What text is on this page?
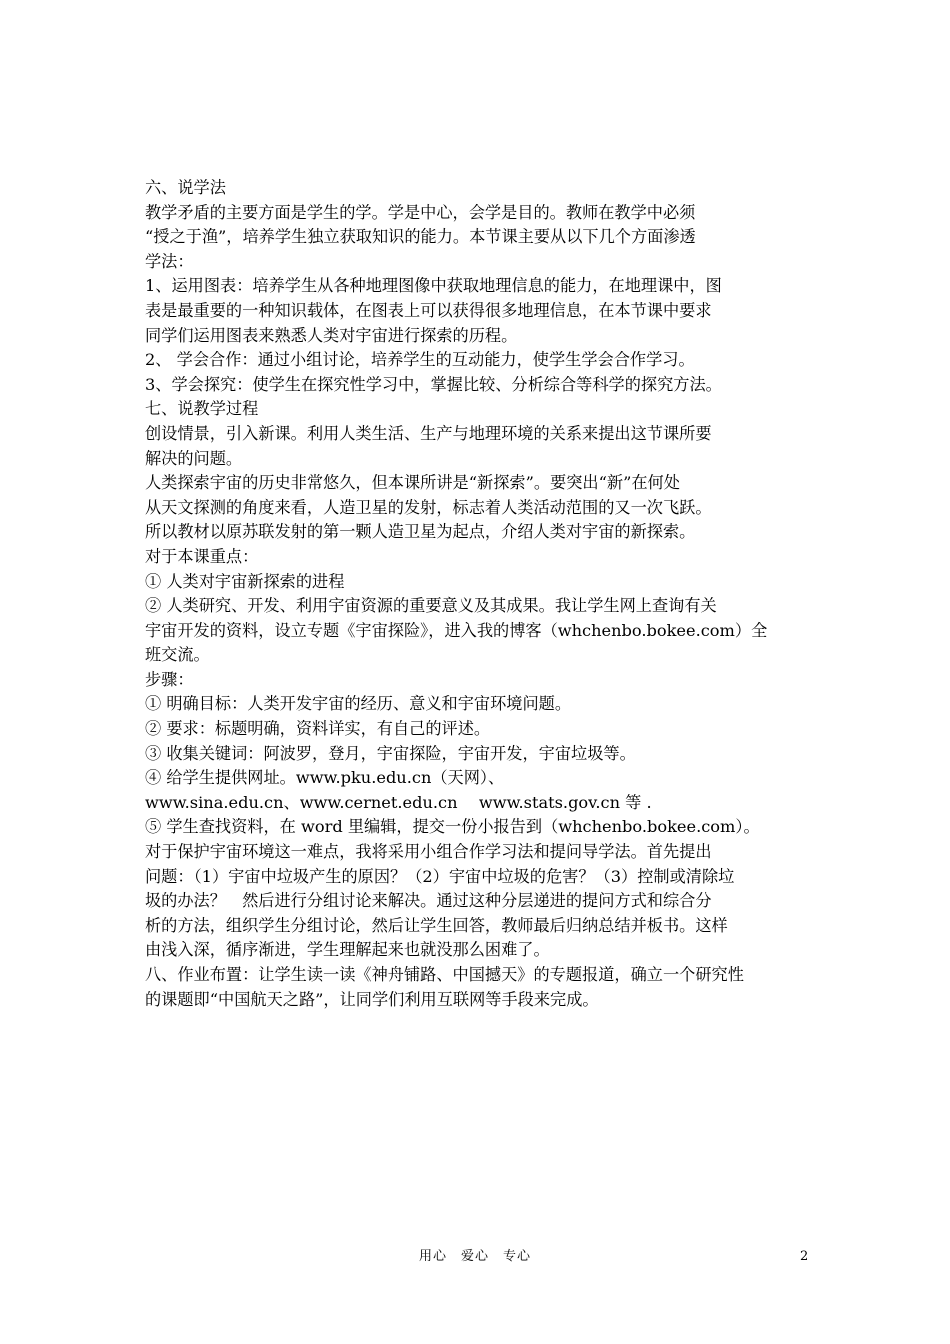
六、说学法
教学矛盾的主要方面是学生的学。学是中心，会学是目的。教师在教学中必须
“授之于渔”，培养学生独立获取知识的能力。本节课主要从以下几个方面渗透
学法：
1、运用图表：培养学生从各种地理图像中获取地理信息的能力，在地理课中，图
表是最重要的一种知识载体，在图表上可以获得很多地理信息，在本节课中要求
同学们运用图表来熟悉人类对宇宙进行探索的历程。
2、 学会合作：通过小组讨论，培养学生的互动能力，使学生学会合作学习。
3、学会探究：使学生在探究性学习中，掌握比较、分析综合等科学的探究方法。
七、说教学过程
创设情景，引入新课。利用人类生活、生产与地理环境的关系来提出这节课所要
解决的问题。
人类探索宇宙的历史非常悠久，但本课所讲是“新探索”。要突出“新”在何处
从天文探测的角度来看，人造卫星的发射，标志着人类活动范围的又一次飞跃。
所以教材以原苏联发射的第一颗人造卫星为起点，介绍人类对宇宙的新探索。
对于本课重点：
① 人类对宇宙新探索的进程
② 人类研究、开发、利用宇宙资源的重要意义及其成果。我让学生网上查询有关
宇宙开发的资料，设立专题《宇宙探险》，进入我的博客（whchenbo.bokee.com）全
班交流。
步骤：
① 明确目标：人类开发宇宙的经历、意义和宇宙环境问题。
② 要求：标题明确，资料详实，有自己的评述。
③ 收集关键词：阿波罗，登月，宇宙探险，宇宙开发，宇宙垃圾等。
④ 给学生提供网址。www.pku.edu.cn（天网）、
www.sina.edu.cn、www.cernet.edu.cn　 www.stats.gov.cn 等 .
⑤ 学生查找资料，在 word 里编辑，提交一份小报告到（whchenbo.bokee.com）。
对于保护宇宙环境这一难点，我将采用小组合作学习法和提问导学法。首先提出
问题：（1）宇宙中垃圾产生的原因？（2）宇宙中垃圾的危害？（3）控制或清除垃
圾的办法？　然后进行分组讨论来解决。通过这种分层递进的提问方式和综合分
析的方法，组织学生分组讨论，然后让学生回答，教师最后归纳总结并板书。这样
由浅入深，循序渐进，学生理解起来也就没那么困难了。
八、作业布置：让学生读一读《神舟铺路、中国撼天》的专题报道，确立一个研究性
的课题即“中国航天之路”，让同学们利用互联网等手段来完成。
用心　爱心　专心	2
